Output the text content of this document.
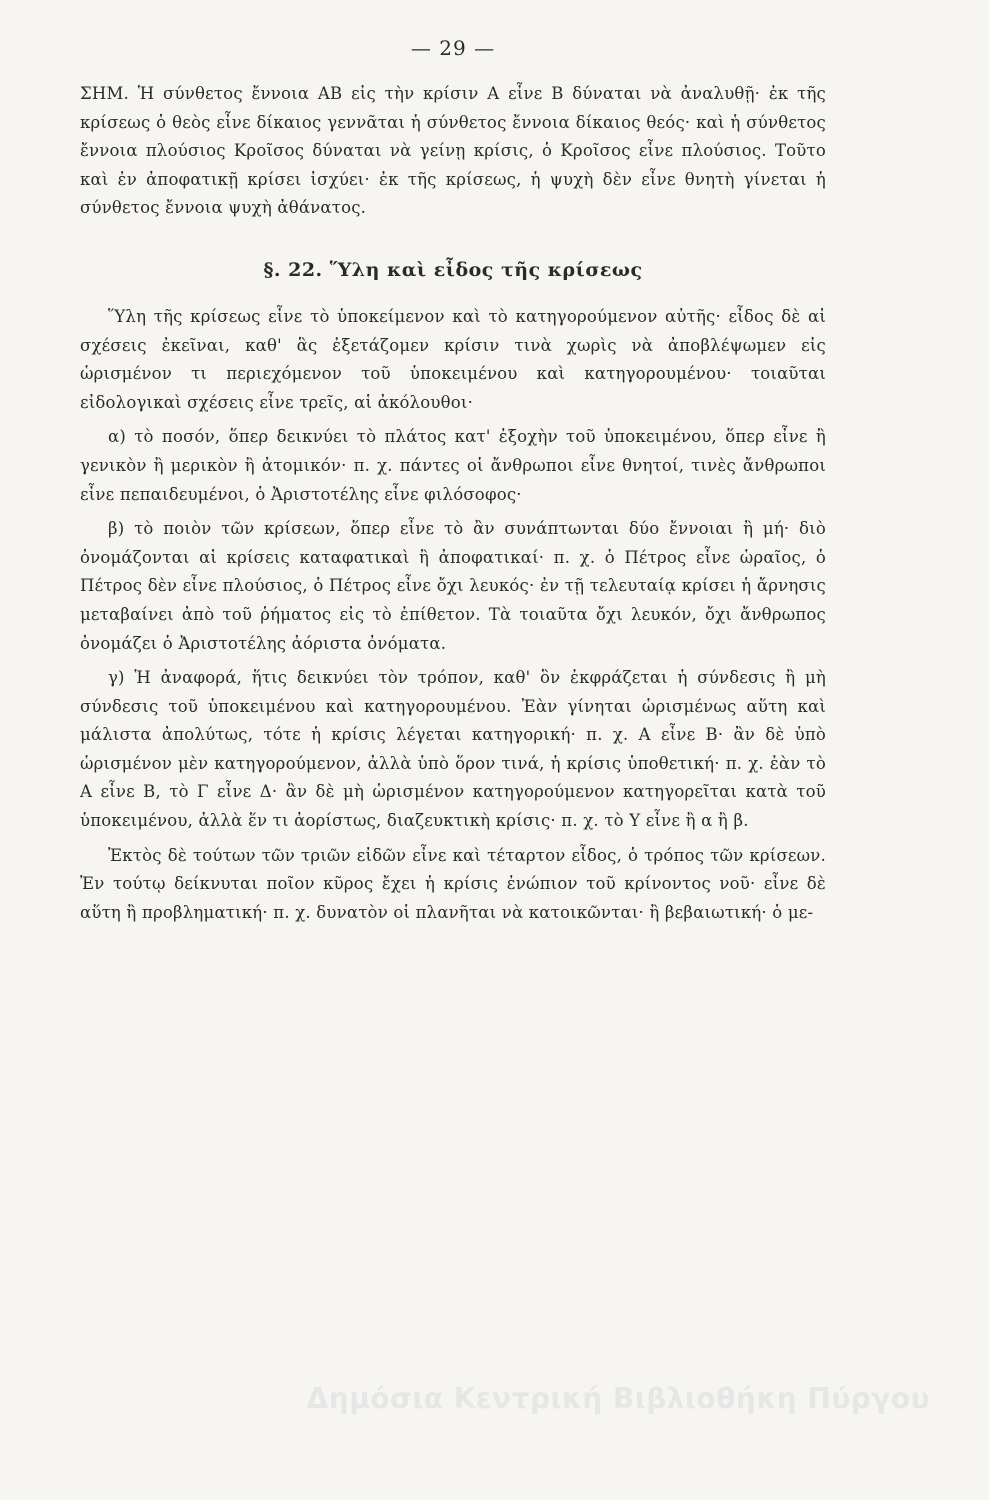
— 29 —

ΣΗΜ. Ἡ σύνθετος ἔννοια ΑΒ εἰς τὴν κρίσιν Α εἶνε Β δύναται νὰ ἀναλυθῇ· ἐκ τῆς κρίσεως ὁ θεὸς εἶνε δίκαιος γεννᾶται ἡ σύνθετος ἔννοια δίκαιος θεός· καὶ ἡ σύνθετος ἔννοια πλούσιος Κροῖσος δύναται νὰ γείνῃ κρίσις, ὁ Κροῖσος εἶνε πλούσιος. Τοῦτο καὶ ἐν ἀποφατικῇ κρίσει ἰσχύει· ἐκ τῆς κρίσεως, ἡ ψυχὴ δὲν εἶνε θνητὴ γίνεται ἡ σύνθετος ἔννοια ψυχὴ ἀθάνατος.

§. 22. Ὕλη καὶ εἶδος τῆς κρίσεως

Ὕλη τῆς κρίσεως εἶνε τὸ ὑποκείμενον καὶ τὸ κατηγορούμενον αὐτῆς· εἶδος δὲ αἱ σχέσεις ἐκεῖναι, καθ' ἃς ἐξετάζομεν κρίσιν τινὰ χωρὶς νὰ ἀποβλέψωμεν εἰς ὡρισμένον τι περιεχόμενον τοῦ ὑποκειμένου καὶ κατηγορουμένου· τοιαῦται εἰδολογικαὶ σχέσεις εἶνε τρεῖς, αἱ ἀκόλουθοι·

α) τὸ ποσόν, ὅπερ δεικνύει τὸ πλάτος κατ' ἐξοχὴν τοῦ ὑποκειμένου, ὅπερ εἶνε ἢ γενικὸν ἢ μερικὸν ἢ ἀτομικόν· π. χ. πάντες οἱ ἄνθρωποι εἶνε θνητοί, τινὲς ἄνθρωποι εἶνε πεπαιδευμένοι, ὁ Ἀριστοτέλης εἶνε φιλόσοφος·

β) τὸ ποιὸν τῶν κρίσεων, ὅπερ εἶνε τὸ ἂν συνάπτωνται δύο ἔννοιαι ἢ μή· διὸ ὀνομάζονται αἱ κρίσεις καταφατικαὶ ἢ ἀποφατικαί· π. χ. ὁ Πέτρος εἶνε ὡραῖος, ὁ Πέτρος δὲν εἶνε πλούσιος, ὁ Πέτρος εἶνε ὄχι λευκός· ἐν τῇ τελευταίᾳ κρίσει ἡ ἄρνησις μεταβαίνει ἀπὸ τοῦ ῥήματος εἰς τὸ ἐπίθετον. Τὰ τοιαῦτα ὄχι λευκόν, ὄχι ἄνθρωπος ὀνομάζει ὁ Ἀριστοτέλης ἀόριστα ὀνόματα.

γ) Ἡ ἀναφορά, ἥτις δεικνύει τὸν τρόπον, καθ' ὃν ἐκφράζεται ἡ σύνδεσις ἢ μὴ σύνδεσις τοῦ ὑποκειμένου καὶ κατηγορουμένου. Ἐὰν γίνηται ὡρισμένως αὕτη καὶ μάλιστα ἀπολύτως, τότε ἡ κρίσις λέγεται κατηγορική· π. χ. Α εἶνε Β· ἂν δὲ ὑπὸ ὡρισμένον μὲν κατηγορούμενον, ἀλλὰ ὑπὸ ὅρον τινά, ἡ κρίσις ὑποθετική· π. χ. ἐὰν τὸ Α εἶνε Β, τὸ Γ εἶνε Δ· ἂν δὲ μὴ ὡρισμένον κατηγορούμενον κατηγορεῖται κατὰ τοῦ ὑποκειμένου, ἀλλὰ ἕν τι ἀορίστως, διαζευκτικὴ κρίσις· π. χ. τὸ Υ εἶνε ἢ α ἢ β.

Ἐκτὸς δὲ τούτων τῶν τριῶν εἰδῶν εἶνε καὶ τέταρτον εἶδος, ὁ τρόπος τῶν κρίσεων. Ἐν τούτῳ δείκνυται ποῖον κῦρος ἔχει ἡ κρίσις ἐνώπιον τοῦ κρίνοντος νοῦ· εἶνε δὲ αὕτη ἢ προβληματική· π. χ. δυνατὸν οἱ πλανῆται νὰ κατοικῶνται· ἢ βεβαιωτική· ὁ με-

Δημόσια Κεντρική Βιβλιοθήκη Πύργου
